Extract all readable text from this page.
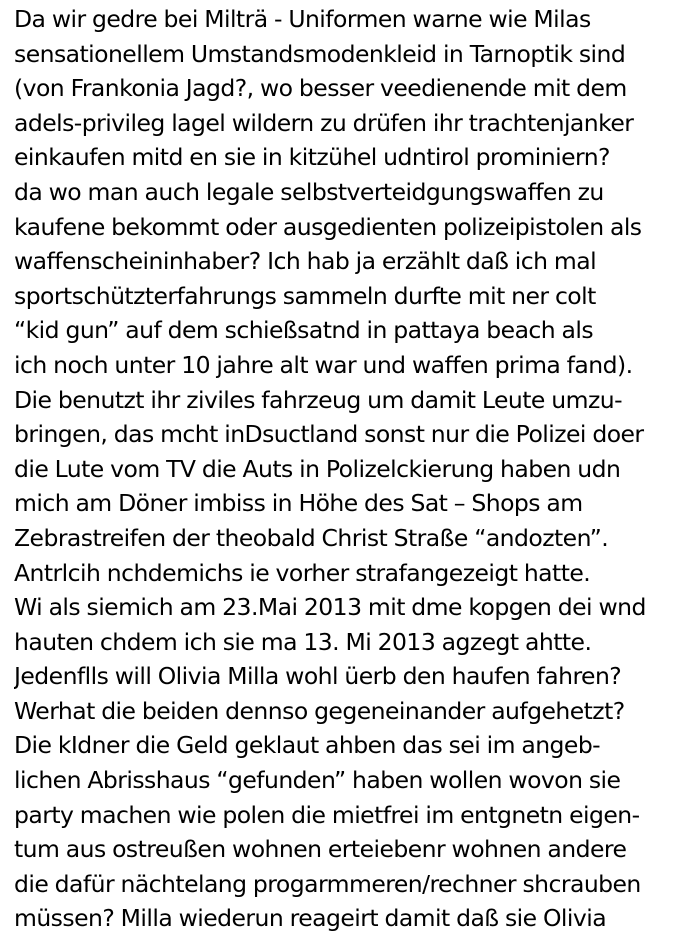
Da wir gedre bei Milträ - Uniformen warne wie Milas
sensationellem Umstandsmodenkleid in Tarnoptik sind
(von Frankonia Jagd?, wo besser veedienende mit dem
adels-privileg lagel wildern zu drüfen ihr trachtenjanker
einkaufen mitd en sie in kitzühel udntirol prominiern?
da wo man auch legale selbstverteidgungswaffen zu
kaufene bekommt oder ausgedienten polizeipistolen als
waffenscheininhaber? Ich hab ja erzählt daß ich mal
sportschützterfahrungs sammeln durfte mit ner colt
“kid gun” auf dem schießsatnd in pattaya beach als
ich noch unter 10 jahre alt war und waffen prima fand).
Die benutzt ihr ziviles fahrzeug um damit Leute umzu-
bringen, das mcht inDsuctland sonst nur die Polizei doer
die Lute vom TV die Auts in Polizelckierung haben udn
mich am Döner imbiss in Höhe des Sat – Shops am
Zebrastreifen der theobald Christ Straße “andozten”.
Antrlcih nchdemichs ie vorher strafangezeigt hatte.
Wi als siemich am 23.Mai 2013 mit dme kopgen dei wnd
hauten chdem ich sie ma 13. Mi 2013 agzegt ahtte.
Jedenflls will Olivia Milla wohl üerb den haufen fahren?
Werhat die beiden dennso gegeneinander aufgehetzt?
Die kIdner die Geld geklaut ahben das sei im angeb-
lichen Abrisshaus “gefunden” haben wollen wovon sie
party machen wie polen die mietfrei im entgnetn eigen-
tum aus ostreußen wohnen erteiebenr wohnen andere
die dafür nächtelang progarmmeren/rechner shcrauben
müssen? Milla wiederun reageirt damit daß sie Olivia
